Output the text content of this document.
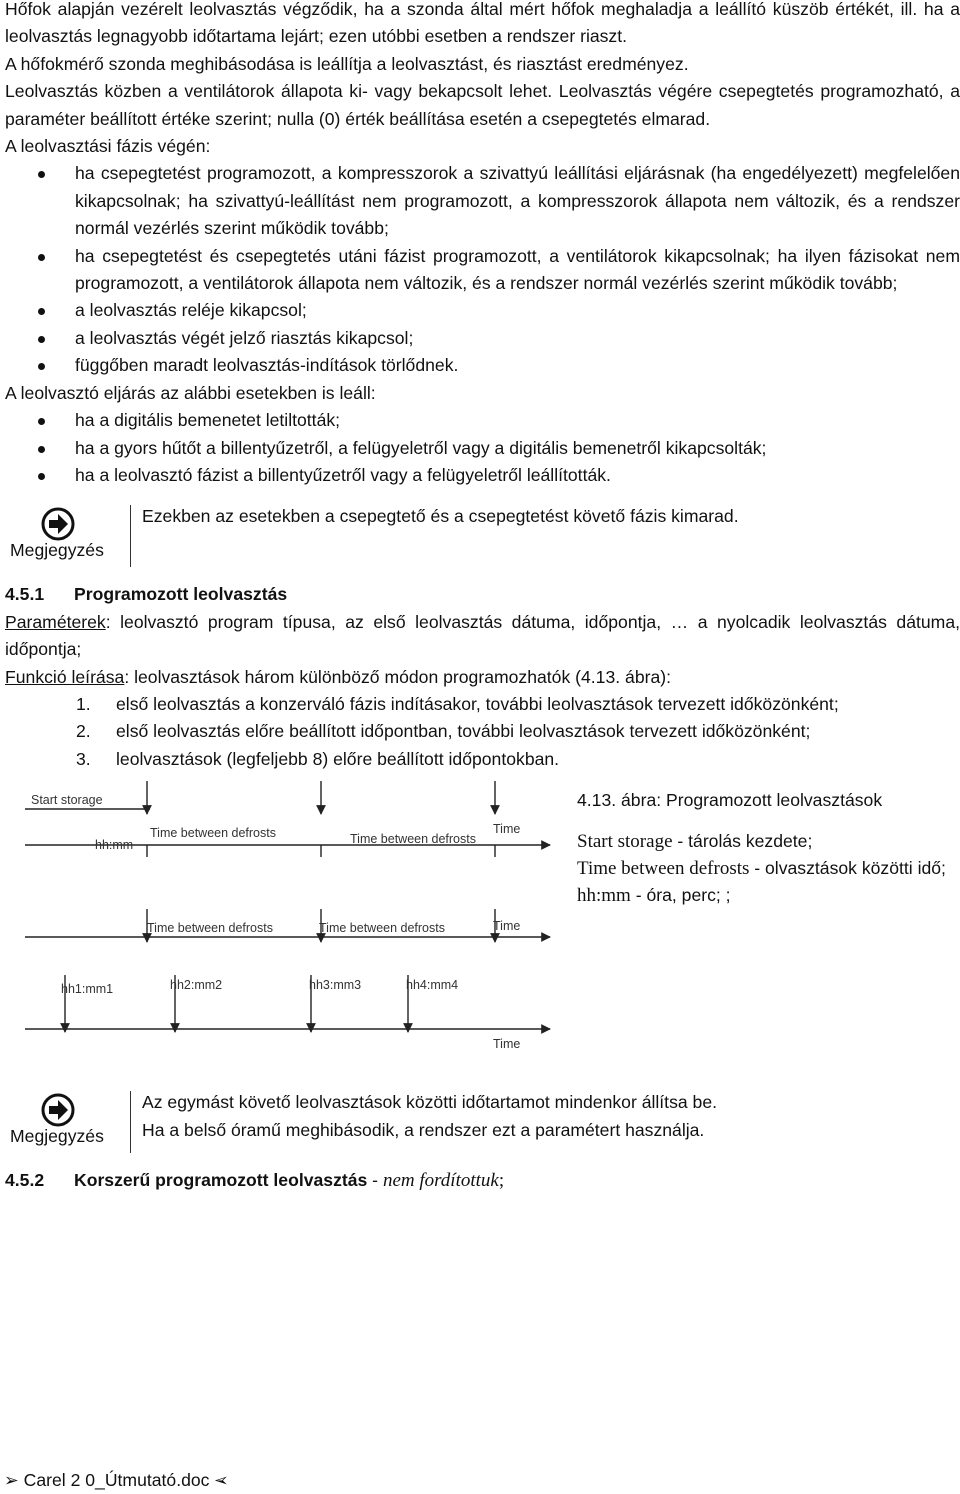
Hőfok alapján vezérelt leolvasztás végződik, ha a szonda által mért hőfok meghaladja a leállító küszöb értékét, ill. ha a leolvasztás legnagyobb időtartama lejárt; ezen utóbbi esetben a rendszer riaszt.

A hőfokmérő szonda meghibásodása is leállítja a leolvasztást, és riasztást eredményez.

Leolvasztás közben a ventilátorok állapota ki- vagy bekapcsolt lehet. Leolvasztás végére csepegtetés programozható, a paraméter beállított értéke szerint; nulla (0) érték beállítása esetén a csepegtetés elmarad.

A leolvasztási fázis végén:

ha csepegtetést programozott, a kompresszorok a szivattyú leállítási eljárásnak (ha engedélyezett) megfelelően kikapcsolnak; ha szivattyú-leállítást nem programozott, a kompresszorok állapota nem változik, és a rendszer normál vezérlés szerint működik tovább;
ha csepegtetést és csepegtetés utáni fázist programozott, a ventilátorok kikapcsolnak; ha ilyen fázisokat nem programozott, a ventilátorok állapota nem változik, és a rendszer normál vezérlés szerint működik tovább;
a leolvasztás reléje kikapcsol;
a leolvasztás végét jelző riasztás kikapcsol;
függőben maradt leolvasztás-indítások törlődnek.

A leolvasztó eljárás az alábbi esetekben is leáll:

ha a digitális bemenetet letiltották;
ha a gyors hűtőt a billentyűzetről, a felügyeletről vagy a digitális bemenetről kikapcsolták;
ha a leolvasztó fázist a billentyűzetről vagy a felügyeletről leállították.
Megjegyzés
Ezekben az esetekben a csepegtető és a csepegtetést követő fázis kimarad.
4.5.1 Programozott leolvasztás

Paraméterek: leolvasztó program típusa, az első leolvasztás dátuma, időpontja, … a nyolcadik leolvasztás dátuma, időpontja;

Funkció leírása: leolvasztások három különböző módon programozhatók (4.13. ábra):

1. első leolvasztás a konzerváló fázis indításakor, további leolvasztások tervezett időközönként;
2. első leolvasztás előre beállított időpontban, további leolvasztások tervezett időközönként;
3. leolvasztások (legfeljebb 8) előre beállított időpontokban.
Start storage
hh:mm
Time between defrosts	Time between defrosts
Time
Time between defrosts	Time between defrosts	Time
hh1:mm1	hh2:mm2	hh3:mm3	hh4:mm4
Time

4.13. ábra: Programozott leolvasztások

Start storage - tárolás kezdete;

Time between defrosts - olvasztások közötti idő;

hh:mm - óra, perc; ;

Megjegyzés
Az egymást követő leolvasztások közötti időtartamot mindenkor állítsa be.
Ha a belső óramű meghibásodik, a rendszer ezt a paramétert használja.
4.5.2 Korszerű programozott leolvasztás - nem fordítottuk;
➢ Carel 2 0_Útmutató.doc ➢
